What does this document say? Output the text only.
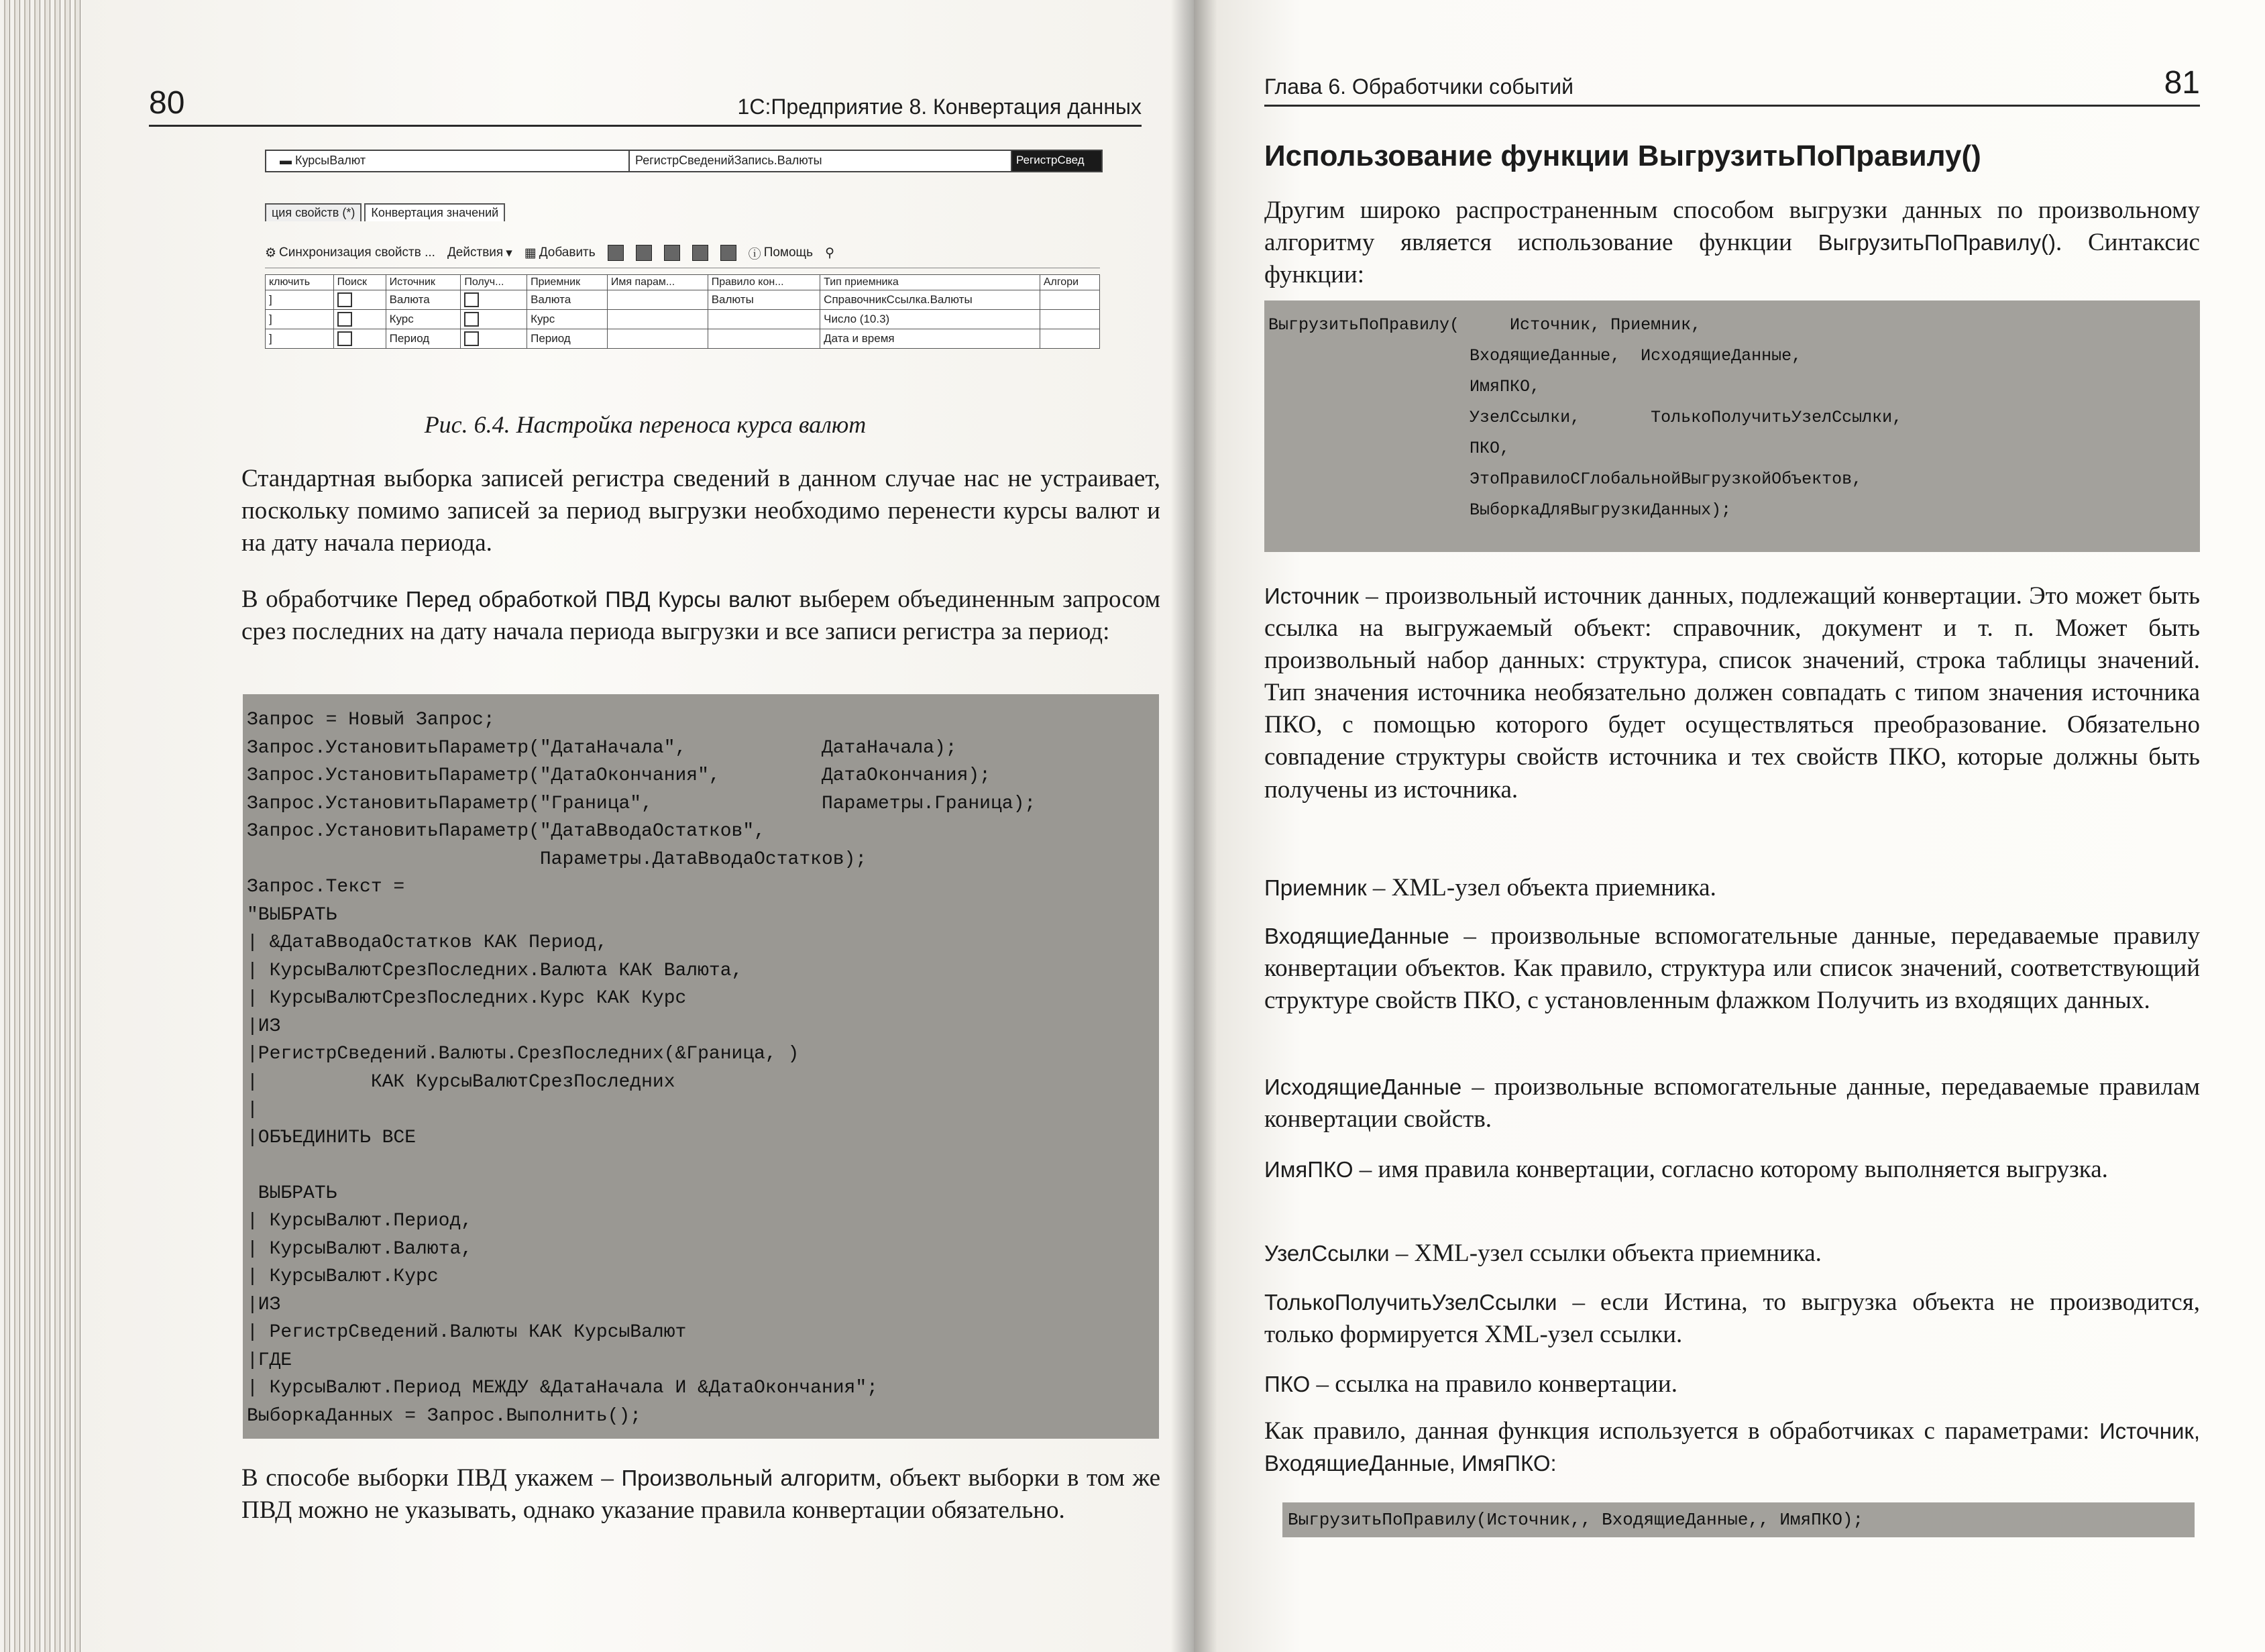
80	1С:Предприятие 8. Конвертация данных
▬ КурсыВалют	РегистрСведенийЗапись.Валюты	РегистрСвед
ция свойств (*)	Конвертация значений
⚙ Синхронизация свойств ... Действия ▾ ▦ Добавить	ⓘ Помощь ⚲
ключить	Поиск	Источник	Получ...	Приемник	Имя парам...	Правило кон...	Тип приемника	Алгори
]		Валюта		Валюта		Валюты	СправочникСсылка.Валюты	
]		Курс		Курс			Число (10.3)	
]		Период		Период			Дата и время	
Рис. 6.4. Настройка переноса курса валют
Стандартная выборка записей регистра сведений в данном случае нас не устраивает, поскольку помимо записей за период выгрузки необходимо перенести курсы валют и на дату начала периода.
В обработчике Перед обработкой ПВД Курсы валют выберем объединенным запросом срез последних на дату начала периода выгрузки и все записи регистра за период:
Запрос = Новый Запрос;
Запрос.УстановитьПараметр("ДатаНачала",            ДатаНачала);
Запрос.УстановитьПараметр("ДатаОкончания",         ДатаОкончания);
Запрос.УстановитьПараметр("Граница",               Параметры.Граница);
Запрос.УстановитьПараметр("ДатаВводаОстатков",
Параметры.ДатаВводаОстатков);
Запрос.Текст =
"ВЫБРАТЬ
| &ДатаВводаОстатков КАК Период,
| КурсыВалютСрезПоследних.Валюта КАК Валюта,
| КурсыВалютСрезПоследних.Курс КАК Курс
|ИЗ
|РегистрСведений.Валюты.СрезПоследних(&Граница, )
|          КАК КурсыВалютСрезПоследних
|
|ОБЪЕДИНИТЬ ВСЕ

ВЫБРАТЬ
| КурсыВалют.Период,
| КурсыВалют.Валюта,
| КурсыВалют.Курс
|ИЗ
| РегистрСведений.Валюты КАК КурсыВалют
|ГДЕ
| КурсыВалют.Период МЕЖДУ &ДатаНачала И &ДатаОкончания";
ВыборкаДанных = Запрос.Выполнить();
В способе выборки ПВД укажем – Произвольный алгоритм, объект выборки в том же ПВД можно не указывать, однако указание правила конвертации обязательно.
Глава 6. Обработчики событий	81
Использование функции ВыгрузитьПоПравилу()
Другим широко распространенным способом выгрузки данных по произвольному алгоритму является использование функции ВыгрузитьПоПравилу(). Синтаксис функции:
ВыгрузитьПоПравилу(     Источник, Приемник,
ВходящиеДанные,  ИсходящиеДанные,
ИмяПКО,
УзелСсылки,       ТолькоПолучитьУзелСсылки,
ПКО,
ЭтоПравилоСГлобальнойВыгрузкойОбъектов,
ВыборкаДляВыгрузкиДанных);
Источник – произвольный источник данных, подлежащий конвертации. Это может быть ссылка на выгружаемый объект: справочник, документ и т. п. Может быть произвольный набор данных: структура, список значений, строка таблицы значений. Тип значения источника необязательно должен совпадать с типом значения источника ПКО, с помощью которого будет осуществляться преобразование. Обязательно совпадение структуры свойств источника и тех свойств ПКО, которые должны быть получены из источника.
Приемник – XML-узел объекта приемника.
ВходящиеДанные – произвольные вспомогательные данные, передаваемые правилу конвертации объектов. Как правило, структура или список значений, соответствующий структуре свойств ПКО, с установленным флажком Получить из входящих данных.
ИсходящиеДанные – произвольные вспомогательные данные, передаваемые правилам конвертации свойств.
ИмяПКО – имя правила конвертации, согласно которому выполняется выгрузка.
УзелСсылки – XML-узел ссылки объекта приемника.
ТолькоПолучитьУзелСсылки – если Истина, то выгрузка объекта не производится, только формируется XML-узел ссылки.
ПКО – ссылка на правило конвертации.
Как правило, данная функция используется в обработчиках с параметрами: Источник, ВходящиеДанные, ИмяПКО:
ВыгрузитьПоПравилу(Источник,, ВходящиеДанные,, ИмяПКО);
